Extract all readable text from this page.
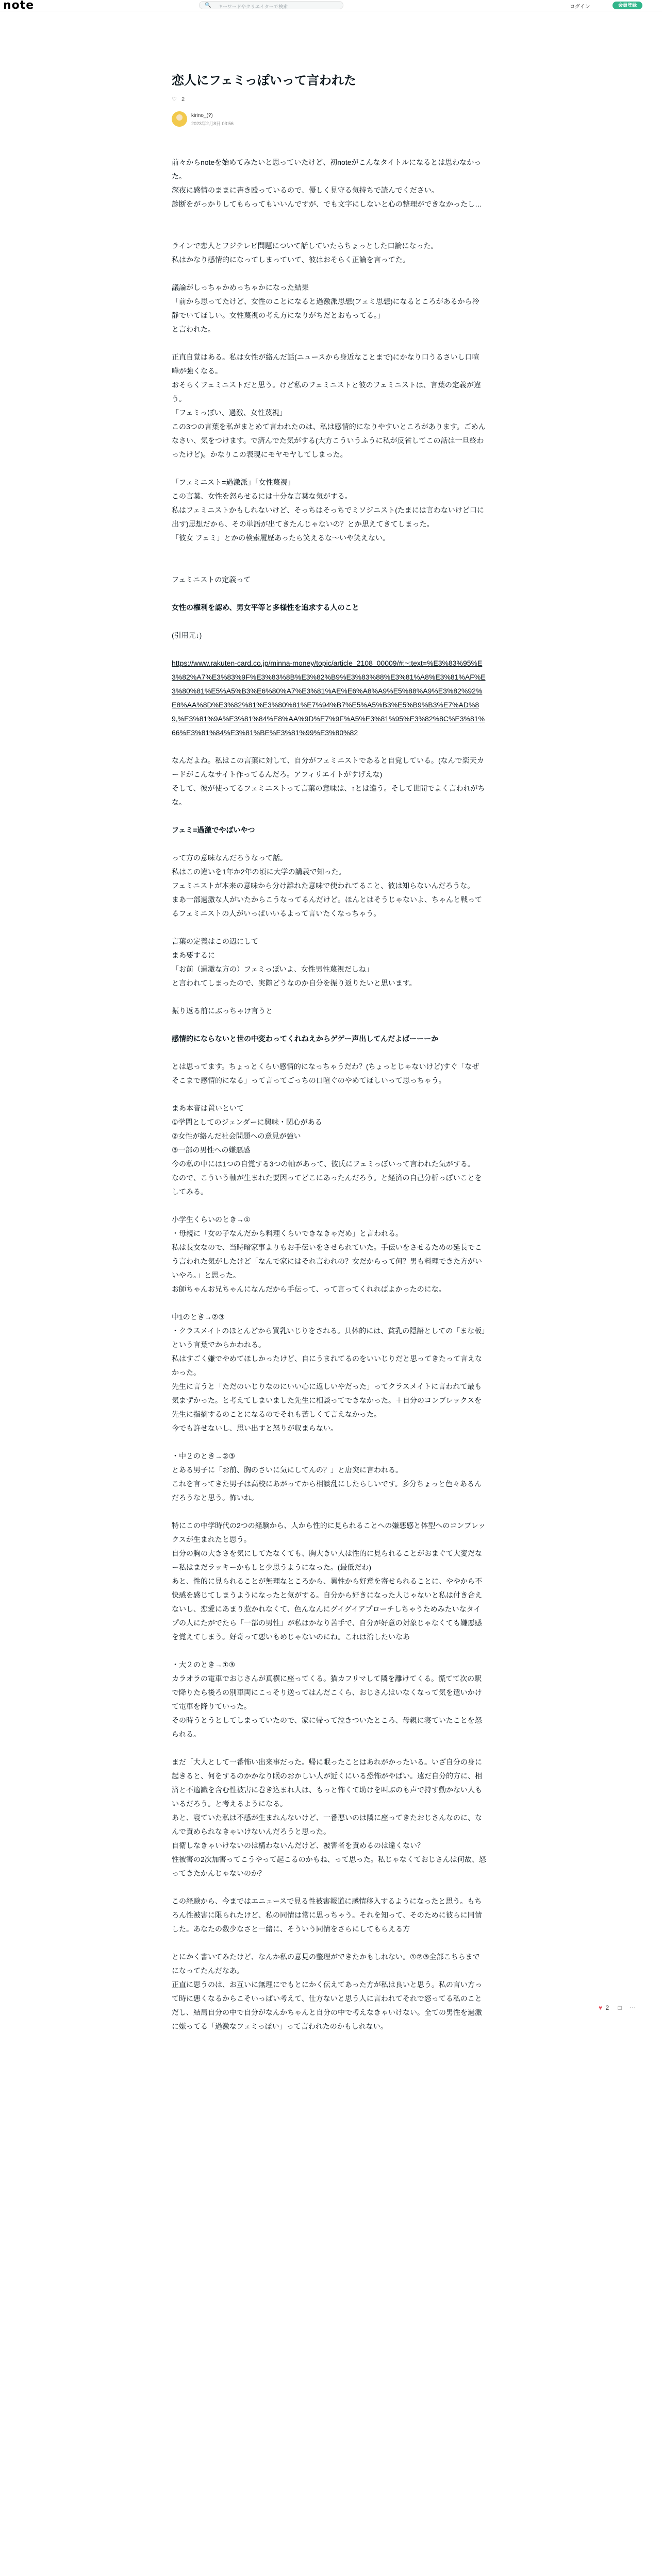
note	🔍 キーワードやクリエイターで検索	ログイン	会員登録
恋人にフェミっぽいって言われた
♡ 2
kirino_(?)
2023年2月8日 03:56
前々からnoteを始めてみたいと思っていたけど、初noteがこんなタイトルになるとは思わなかった。
深夜に感情のままに書き殴っているので、優しく見守る気持ちで読んでください。
診断をがっかりしてもらってもいいんですが、でも文字にしないと心の整理ができなかったし…
ラインで恋人とフジテレビ問題について話していたらちょっとした口論になった。
私はかなり感情的になってしまっていて、彼はおそらく正論を言ってた。
議論がしっちゃかめっちゃかになった結果
「前から思ってたけど、女性のことになると過激派思想(フェミ思想)になるところがあるから冷静でいてほしい。女性蔑視の考え方になりがちだとおもってる。」
と言われた。
正直自覚はある。私は女性が絡んだ話(ニュースから身近なことまで)にかなり口うるさいし口喧嘩が強くなる。
おそらくフェミニストだと思う。けど私のフェミニストと彼のフェミニストは、言葉の定義が違う。
「フェミっぽい、過激、女性蔑視」
この3つの言葉を私がまとめて言われたのは、私は感情的になりやすいところがあります。ごめんなさい、気をつけます。で済んでた気がする(大方こういうふうに私が反省してこの話は一旦終わったけど)。かなりこの表現にモヤモヤしてしまった。
「フェミニスト=過激派」「女性蔑視」
この言葉、女性を怒らせるには十分な言葉な気がする。
私はフェミニストかもしれないけど、そっちはそっちでミソジニスト(たまには言わないけど口に出す)思想だから、その単語が出てきたんじゃないの？とか思えてきてしまった。
「彼女 フェミ」とかの検索履歴あったら笑えるな〜いや笑えない。
フェミニストの定義って
女性の権利を認め、男女平等と多様性を追求する人のこと
(引用元↓)
https://www.rakuten-card.co.jp/minna-money/topic/article_2108_00009/#:~:text=%E3%83%95%E3%82%A7%E3%83%9F%E3%83%8B%E3%82%B9%E3%83%88%E3%81%A8%E3%81%AF%E3%80%81%E5%A5%B3%E6%80%A7%E3%81%AE%E6%A8%A9%E5%88%A9%E3%82%92%E8%AA%8D%E3%82%81%E3%80%81%E7%94%B7%E5%A5%B3%E5%B9%B3%E7%AD%89,%E3%81%9A%E3%81%84%E8%AA%9D%E7%9F%A5%E3%81%95%E3%82%8C%E3%81%66%E3%81%84%E3%81%BE%E3%81%99%E3%80%82
なんだよね。私はこの言葉に対して、自分がフェミニストであると自覚している。(なんで楽天カードがこんなサイト作ってるんだろ。アフィリエイトがすげえな)
そして、彼が使ってるフェミニストって言葉の意味は、↑とは違う。そして世間でよく言われがちな。
フェミ=過激でやばいやつ
って方の意味なんだろうなって話。
私はこの違いを1年か2年の頃に大学の講義で知った。
フェミニストが本来の意味から分け離れた意味で使われてること、彼は知らないんだろうな。
まあ一部過激な人がいたからこうなってるんだけど。ほんとはそうじゃないよ、ちゃんと戦ってるフェミニストの人がいっぱいいるよって言いたくなっちゃう。
言葉の定義はこの辺にして
まあ要するに
「お前（過激な方の）フェミっぽいよ、女性男性蔑視だしね」
と言われてしまったので、実際どうなのか自分を振り返りたいと思います。
振り返る前にぶっちゃけ言うと
感情的にならないと世の中変わってくれねえからゲゲー声出してんだよばーーーか
とは思ってます。ちょっとくらい感情的になっちゃうだわ？(ちょっとじゃないけど)すぐ「なぜそこまで感情的になる」って言ってごっちの口喧ぐのやめてほしいって思っちゃう。
まあ本音は置いといて
①学問としてのジェンダーに興味・関心がある
②女性が絡んだ社会問題への意見が強い
③一部の男性への嫌悪感
今の私の中には1つの自覚する3つの軸があって、彼氏にフェミっぽいって言われた気がする。
なので、こういう軸が生まれた要因ってどこにあったんだろう。と経済の自己分析っぽいことをしてみる。
小学生くらいのとき→①
・母親に「女の子なんだから料理くらいできなきゃだめ」と言われる。
私は長女なので、当時暗家事よりもお手伝いをさせられていた。手伝いをさせるための延長でこう言われた気がしたけど「なんで家にはそれ言われの？女だからって何？男も料理できた方がいいやろ。」と思った。
お師ちゃんお兄ちゃんになんだから手伝って、って言ってくれればよかったのにな。
中1のとき→②③
・クラスメイトのほとんどから買乳いじりをされる。具体的には、貧乳の隠語としての「まな板」という言葉でからかわれる。
私はすごく嫌でやめてほしかったけど、自にうまれてるのをいいじりだと思ってきたって言えなかった。
先生に言うと「ただのいじりなのにいい心に返しいやだった」ってクラスメイトに言われて最も気まずかった。と考えてしまいました先生に相談ってできなかった。＋自分のコンプレックスを先生に指摘するのことになるのでそれも苦しくて言えなかった。
今でも許せないし、思い出すと怒りが収まらない。
・中２のとき→②③
とある男子に「お前、胸のさいに気にしてんの？」と唐突に言われる。
これを言ってきた男子は高校にあがってから相談乱にしたらしいです。多分ちょっと色々あるんだろうなと思う。怖いね。
特にこの中学時代の2つの経験から、人から性的に見られることへの嫌悪感と体型へのコンプレックスが生まれたと思う。
自分の胸の大きさを気にしてたなくても、胸大きい人は性的に見られることがおまぐて大変だなー私はまだラッキーかもしと少思うようになった。(最低だわ)
あと、性的に見られることが無理なところから、異性から好意を寄せられることに、ややから不快感を感じてしまうようになったと気がする。自分から好きになった人じゃないと私は付き合えないし、恋愛にあまり惹かれなくて、色んなんにグイグイアプローチしちゃうためみたいなタイプの人にたがでたら「一部の男性」が私はかなり苦手で、自分が好意の対象じゃなくても嫌悪感を覚えてしまう。好奇って悪いもめじゃないのにね。これは治したいなあ
・大２のとき→①③
カラオラの電車でおじさんが真横に座ってくる。猫カフリマして隣を離けてくる。慌てて次の駅で降りたら後ろの別車両にこっそり送ってはんだこくら、おじさんはいなくなって気を遣いかけて電車を降りていった。
その時うとうとしてしまっていたので、家に帰って泣きついたところ、母親に寝ていたことを怒られる。
まだ「大人として一番怖い出来事だった。帰に眠ったことはあれがかったいる。いざ自分の身に起きると、何をするのかかなり眠のおかしい人が近くにいる恐怖がやばい。遠だ自分的方に、相済と不適識を含む性被害に巻き込まれ人は、もっと怖くて助けを叫ぶのも声で持す動かない人もいるだろう。と考えるようになる。
あと、寝ていた私は不感が生まれんないけど、一番悪いのは隣に座ってきたおじさんなのに、なんで責められなきゃいけないんだろうと思った。
自衛しなきゃいけないのは構わないんだけど、被害者を責めるのは違くない？
性被害の2次加害ってこうやって起こるのかもね、って思った。私じゃなくておじさんは何故、怒ってきたかんじゃないのか？
この経験から、今まではエニュースで見る性被害報道に感情移入するようになったと思う。もちろん性被害に限られたけど、私の同情は常に思っちゃう。それを知って、そのために彼らに同情した。あなたの数少なさと一緒に、そういう同情をさらにしてもらえる方
とにかく書いてみたけど、なんか私の意見の整理ができたかもしれない。①②③全部こちらまでになってたんだなあ。
正直に思うのは、お互いに無理にでもとにかく伝えてあった方が私は良いと思う。私の言い方って時に悪くなるからこそいっぱい考えて、仕方ないと思う人に言われてそれで怒ってる私のことだし、結局自分の中で自分がなんかちゃんと自分の中で考えなきゃいけない。全ての男性を過激に嫌ってる「過激なフェミっぽい」って言われたのかもしれない。
♥ 2 □ ⋯
